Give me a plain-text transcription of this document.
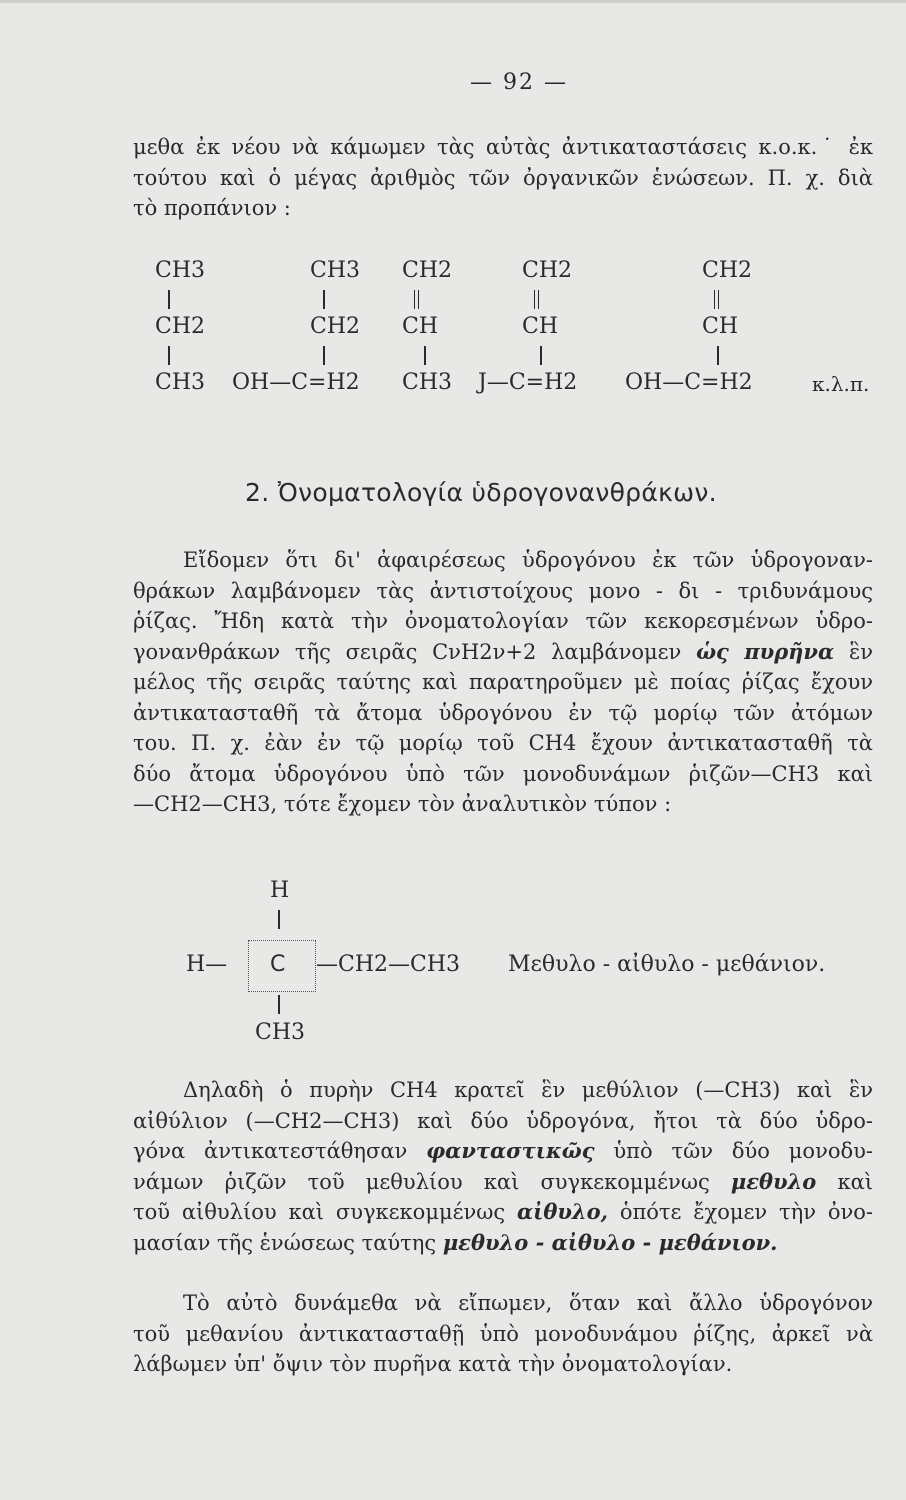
— 92 —
μεθα ἐκ νέου νὰ κάμωμεν τὰς αὐτὰς ἀντικαταστάσεις κ.ο.κ.˙ ἐκ
τούτου καὶ ὁ μέγας ἀριθμὸς τῶν ὀργανικῶν ἑνώσεων. Π. χ. διὰ
τὸ προπάνιον :
CH3	CH3 CH2	CH2	CH2
CH2	CH2 CH	CH	CH
CH3 OH—C=H2 CH3 J—C=H2 OH—C=H2	κ.λ.π.
2. Ὀνοματολογία ὑδρογονανθράκων.
Εἴδομεν ὅτι δι' ἀφαιρέσεως ὑδρογόνου ἐκ τῶν ὑδρογοναν-
θράκων λαμβάνομεν τὰς ἀντιστοίχους μονο - δι - τριδυνάμους
ῥίζας. Ἤδη κατὰ τὴν ὀνοματολογίαν τῶν κεκορεσμένων ὑδρο-
γονανθράκων τῆς σειρᾶς CνH2ν+2 λαμβάνομεν ὡς πυρῆνα ἓν
μέλος τῆς σειρᾶς ταύτης καὶ παρατηροῦμεν μὲ ποίας ῥίζας ἔχουν
ἀντικατασταθῆ τὰ ἄτομα ὑδρογόνου ἐν τῷ μορίῳ τῶν ἀτόμων
του. Π. χ. ἐὰν ἐν τῷ μορίῳ τοῦ CH4 ἔχουν ἀντικατασταθῆ τὰ
δύο ἄτομα ὑδρογόνου ὑπὸ τῶν μονοδυνάμων ῥιζῶν—CH3 καὶ
—CH2—CH3, τότε ἔχομεν τὸν ἀναλυτικὸν τύπον :
H
H— C —CH2—CH3 Μεθυλο - αἰθυλο - μεθάνιον.
CH3
Δηλαδὴ ὁ πυρὴν CH4 κρατεῖ ἓν μεθύλιον (—CH3) καὶ ἓν
αἰθύλιον (—CH2—CH3) καὶ δύο ὑδρογόνα, ἤτοι τὰ δύο ὑδρο-
γόνα ἀντικατεστάθησαν φανταστικῶς ὑπὸ τῶν δύο μονοδυ-
νάμων ῥιζῶν τοῦ μεθυλίου καὶ συγκεκομμένως μεθυλο καὶ
τοῦ αἰθυλίου καὶ συγκεκομμένως αἰθυλο, ὁπότε ἔχομεν τὴν ὀνο-
μασίαν τῆς ἑνώσεως ταύτης μεθυλο - αἰθυλο - μεθάνιον.
Τὸ αὐτὸ δυνάμεθα νὰ εἴπωμεν, ὅταν καὶ ἄλλο ὑδρογόνον
τοῦ μεθανίου ἀντικατασταθῇ ὑπὸ μονοδυνάμου ῥίζης, ἀρκεῖ νὰ
λάβωμεν ὑπ' ὄψιν τὸν πυρῆνα κατὰ τὴν ὀνοματολογίαν.
